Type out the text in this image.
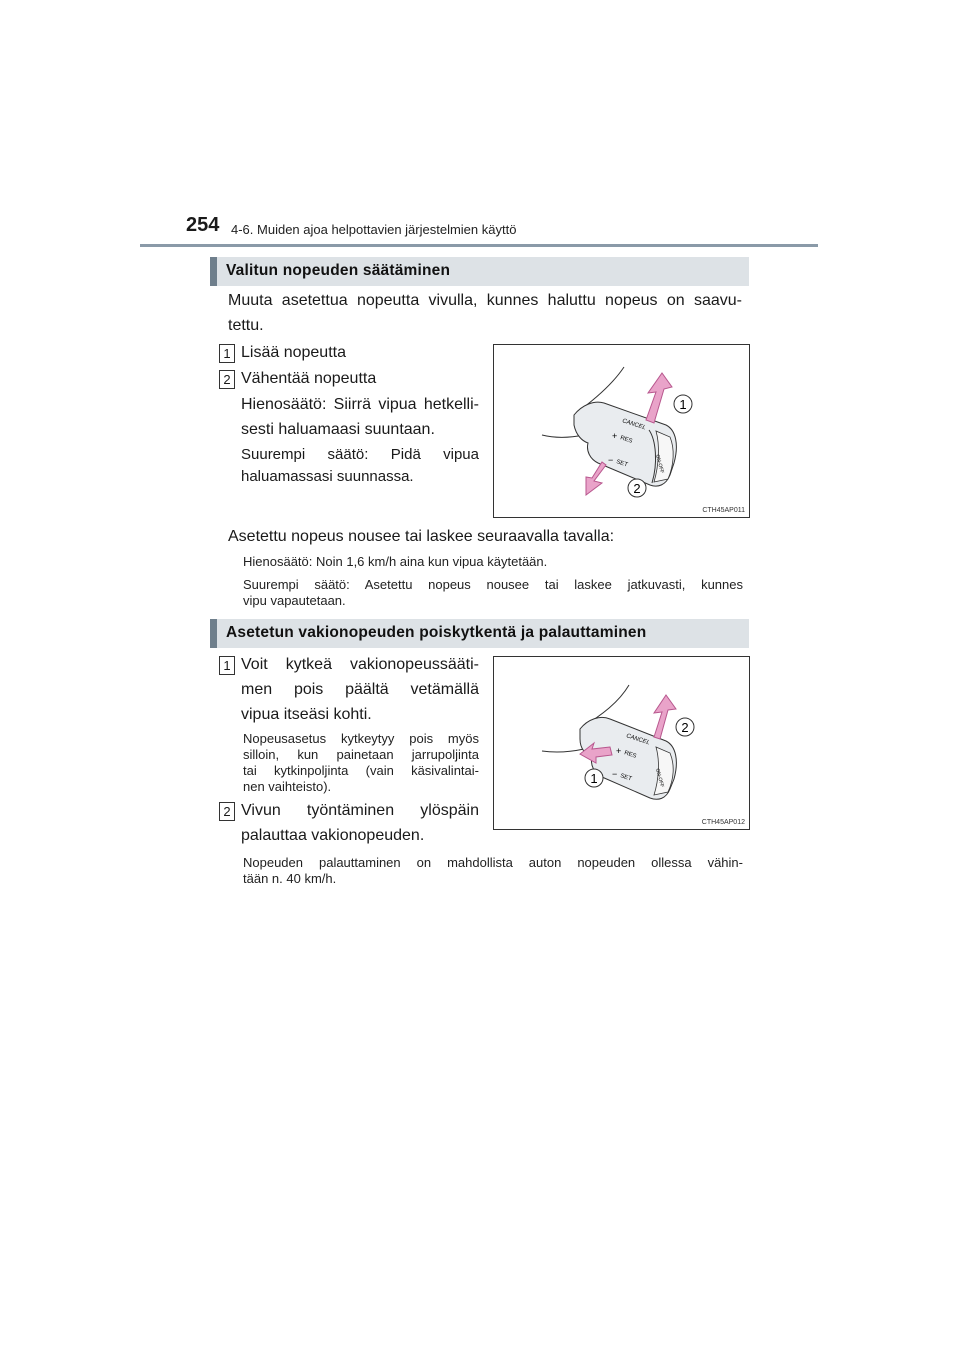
254 4-6. Muiden ajoa helpottavien järjestelmien käyttö
Valitun nopeuden säätäminen
Muuta asetettua nopeutta vivulla, kunnes haluttu nopeus on saavu-
tettu.
1 Lisää nopeutta
2 Vähentää nopeutta
Hienosäätö: Siirrä vipua hetkelli-
sesti haluamaasi suuntaan.
Suurempi säätö: Pidä vipua
haluamassasi suunnassa.
CANCEL
+ RES
− SET	ON-OFF
1
2
CTH45AP011
Asetettu nopeus nousee tai laskee seuraavalla tavalla:
Hienosäätö: Noin 1,6 km/h aina kun vipua käytetään.
Suurempi säätö: Asetettu nopeus nousee tai laskee jatkuvasti, kunnes
vipu vapautetaan.
Asetetun vakionopeuden poiskytkentä ja palauttaminen
1 Voit kytkeä vakionopeussääti-
men pois päältä vetämällä
vipua itseäsi kohti.
Nopeusasetus kytkeytyy pois myös
silloin, kun painetaan jarrupoljinta
tai kytkinpoljinta (vain käsivalintai-
nen vaihteisto).
2 Vivun työntäminen ylöspäin
palauttaa vakionopeuden.
CANCEL
+ RES
− SET	ON-OFF
2
1
CTH45AP012
Nopeuden palauttaminen on mahdollista auton nopeuden ollessa vähin-
tään n. 40 km/h.
